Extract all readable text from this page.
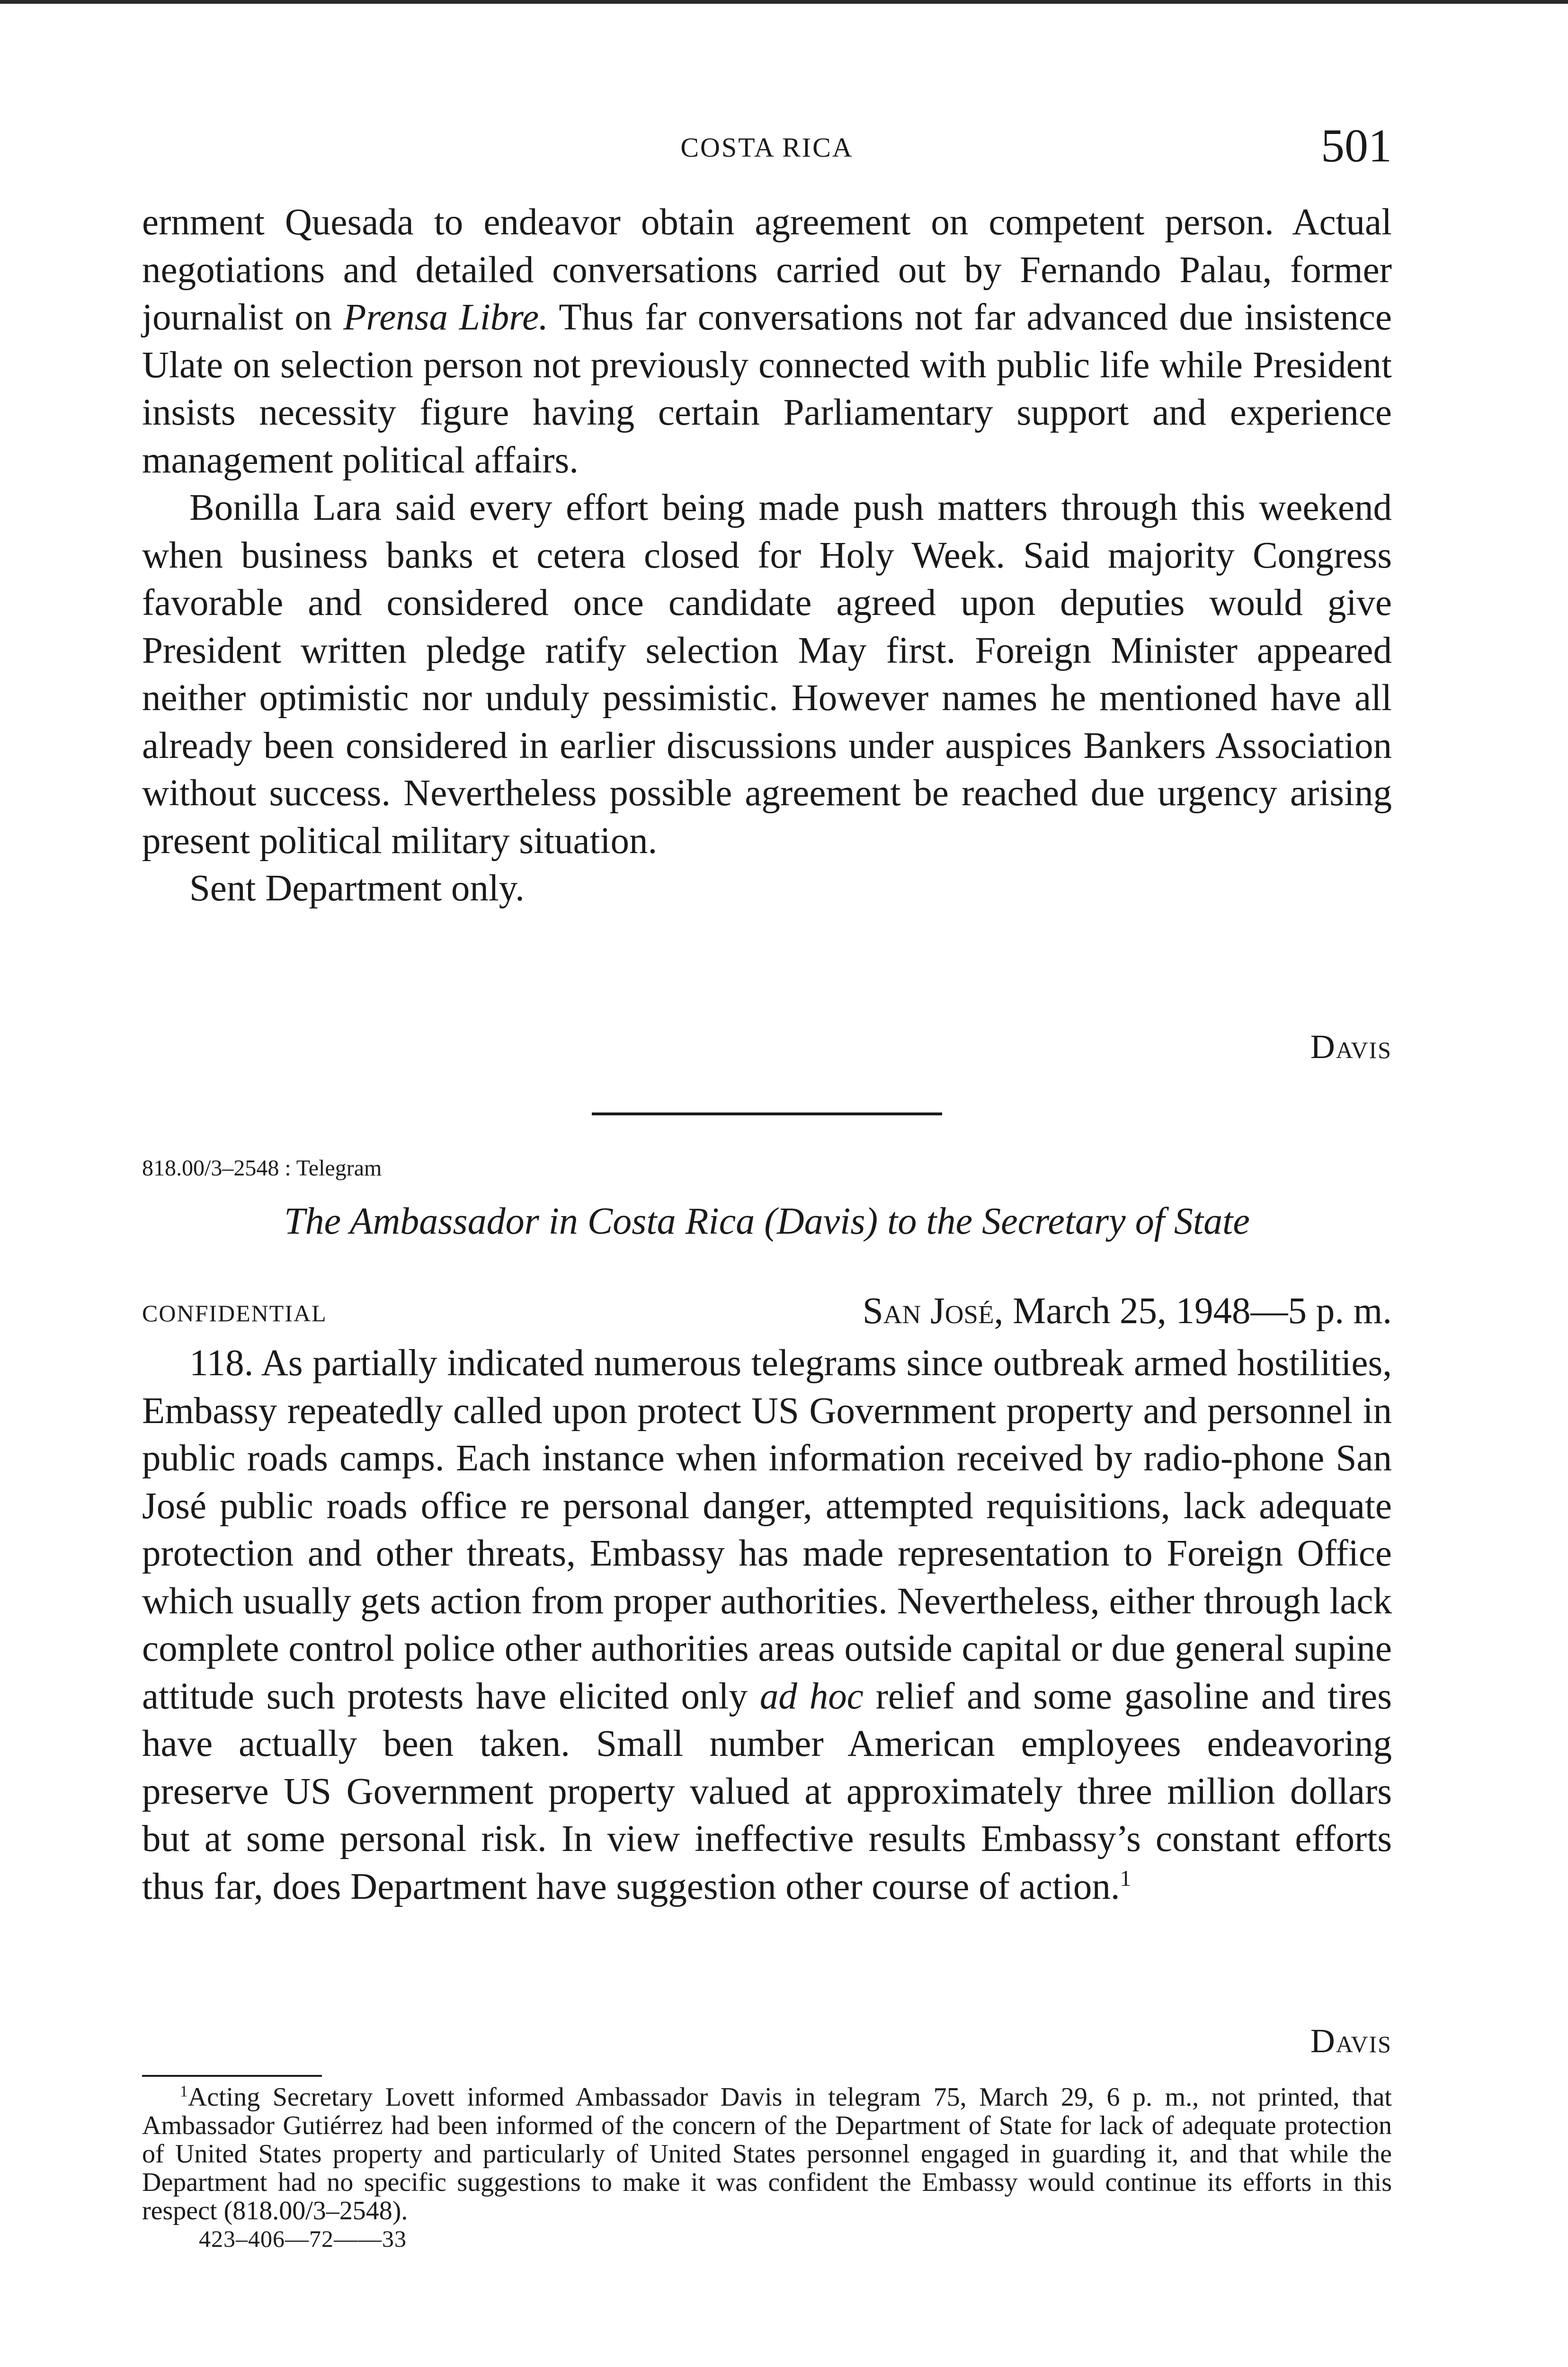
COSTA RICA	501

ernment Quesada to endeavor obtain agreement on competent person. Actual negotiations and detailed conversations carried out by Fernando Palau, former journalist on Prensa Libre. Thus far conversations not far advanced due insistence Ulate on selection person not previously connected with public life while President insists necessity figure having certain Parliamentary support and experience management political affairs.

Bonilla Lara said every effort being made push matters through this weekend when business banks et cetera closed for Holy Week. Said majority Congress favorable and considered once candidate agreed upon deputies would give President written pledge ratify selection May first. Foreign Minister appeared neither optimistic nor unduly pessimistic. However names he mentioned have all already been considered in earlier discussions under auspices Bankers Association without success. Nevertheless possible agreement be reached due urgency arising present political military situation.

Sent Department only.

Davis
818.00/3–2548 : Telegram
The Ambassador in Costa Rica (Davis) to the Secretary of State
CONFIDENTIAL	San José, March 25, 1948—5 p. m.

118. As partially indicated numerous telegrams since outbreak armed hostilities, Embassy repeatedly called upon protect US Government property and personnel in public roads camps. Each instance when information received by radio-phone San José public roads office re personal danger, attempted requisitions, lack adequate protection and other threats, Embassy has made representation to Foreign Office which usually gets action from proper authorities. Nevertheless, either through lack complete control police other authorities areas outside capital or due general supine attitude such protests have elicited only ad hoc relief and some gasoline and tires have actually been taken. Small number American employees endeavoring preserve US Government property valued at approximately three million dollars but at some personal risk. In view ineffective results Embassy’s constant efforts thus far, does Department have suggestion other course of action.$^1$

Davis

$^1$Acting Secretary Lovett informed Ambassador Davis in telegram 75, March 29, 6 p. m., not printed, that Ambassador Gutiérrez had been informed of the concern of the Department of State for lack of adequate protection of United States property and particularly of United States personnel engaged in guarding it, and that while the Department had no specific suggestions to make it was confident the Embassy would continue its efforts in this respect (818.00/3–2548).

423–406—72——33
